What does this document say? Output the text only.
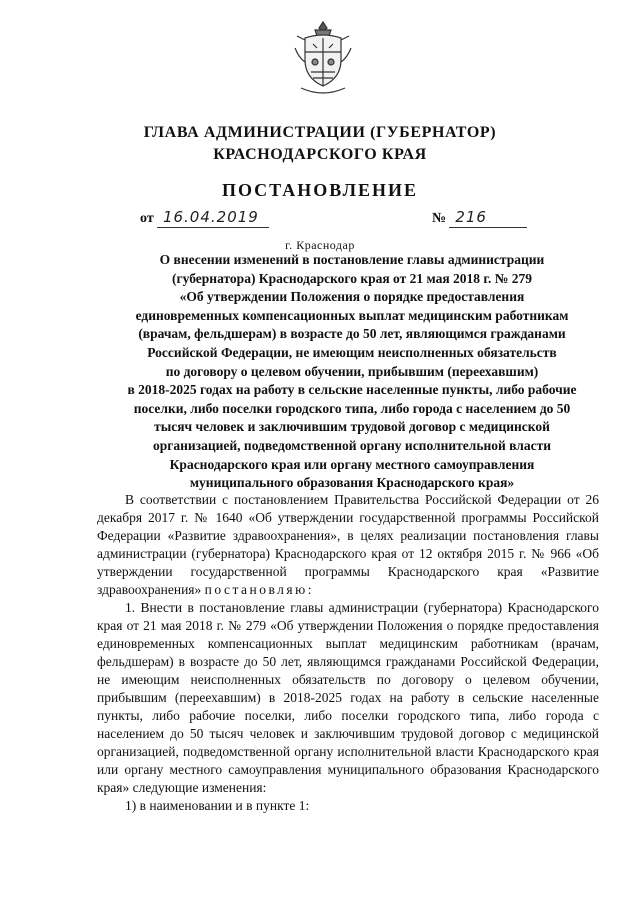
ГЛАВА АДМИНИСТРАЦИИ (ГУБЕРНАТОР)
КРАСНОДАРСКОГО КРАЯ
ПОСТАНОВЛЕНИЕ
от 16.04.2019	№ 216
г. Краснодар
О внесении изменений в постановление главы администрации
(губернатора) Краснодарского края от 21 мая 2018 г. № 279
«Об утверждении Положения о порядке предоставления
единовременных компенсационных выплат медицинским работникам
(врачам, фельдшерам) в возрасте до 50 лет, являющимся гражданами
Российской Федерации, не имеющим неисполненных обязательств
по договору о целевом обучении, прибывшим (переехавшим)
в 2018-2025 годах на работу в сельские населенные пункты, либо рабочие
поселки, либо поселки городского типа, либо города с населением до 50
тысяч человек и заключившим трудовой договор с медицинской
организацией, подведомственной органу исполнительной власти
Краснодарского края или органу местного самоуправления
муниципального образования Краснодарского края»

В соответствии с постановлением Правительства Российской Федерации от 26 декабря 2017 г. № 1640 «Об утверждении государственной программы Российской Федерации «Развитие здравоохранения», в целях реализации постановления главы администрации (губернатора) Краснодарского края от 12 октября 2015 г. № 966 «Об утверждении государственной программы Краснодарского края «Развитие здравоохранения» постановляю:

1. Внести в постановление главы администрации (губернатора) Краснодарского края от 21 мая 2018 г. № 279 «Об утверждении Положения о порядке предоставления единовременных компенсационных выплат медицинским работникам (врачам, фельдшерам) в возрасте до 50 лет, являющимся гражданами Российской Федерации, не имеющим неисполненных обязательств по договору о целевом обучении, прибывшим (переехавшим) в 2018-2025 годах на работу в сельские населенные пункты, либо рабочие поселки, либо поселки городского типа, либо города с населением до 50 тысяч человек и заключившим трудовой договор с медицинской организацией, подведомственной органу исполнительной власти Краснодарского края или органу местного самоуправления муниципального образования Краснодарского края» следующие изменения:

1) в наименовании и в пункте 1:
